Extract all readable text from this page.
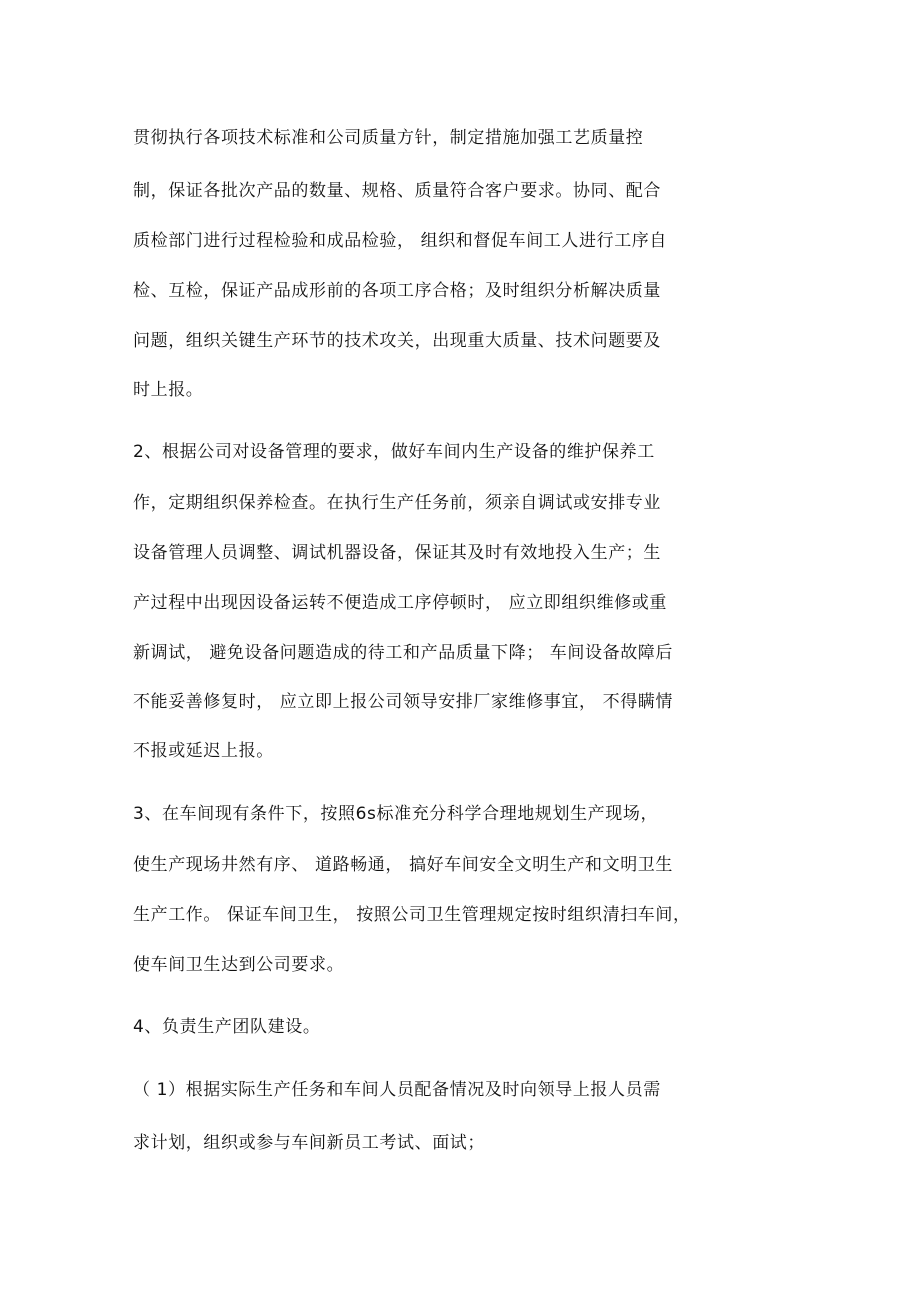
贯彻执行各项技术标准和公司质量方针，制定措施加强工艺质量控
制，保证各批次产品的数量、规格、质量符合客户要求。协同、配合
质检部门进行过程检验和成品检验， 组织和督促车间工人进行工序自
检、互检，保证产品成形前的各项工序合格；及时组织分析解决质量
问题，组织关键生产环节的技术攻关，出现重大质量、技术问题要及
时上报。
2、根据公司对设备管理的要求，做好车间内生产设备的维护保养工
作，定期组织保养检查。在执行生产任务前，须亲自调试或安排专业
设备管理人员调整、调试机器设备，保证其及时有效地投入生产；生
产过程中出现因设备运转不便造成工序停顿时， 应立即组织维修或重
新调试， 避免设备问题造成的待工和产品质量下降； 车间设备故障后
不能妥善修复时， 应立即上报公司领导安排厂家维修事宜， 不得瞒情
不报或延迟上报。
3、在车间现有条件下，按照6s标准充分科学合理地规划生产现场，
使生产现场井然有序、 道路畅通， 搞好车间安全文明生产和文明卫生
生产工作。 保证车间卫生， 按照公司卫生管理规定按时组织清扫车间，
使车间卫生达到公司要求。
4、负责生产团队建设。
（ 1）根据实际生产任务和车间人员配备情况及时向领导上报人员需
求计划，组织或参与车间新员工考试、面试；
